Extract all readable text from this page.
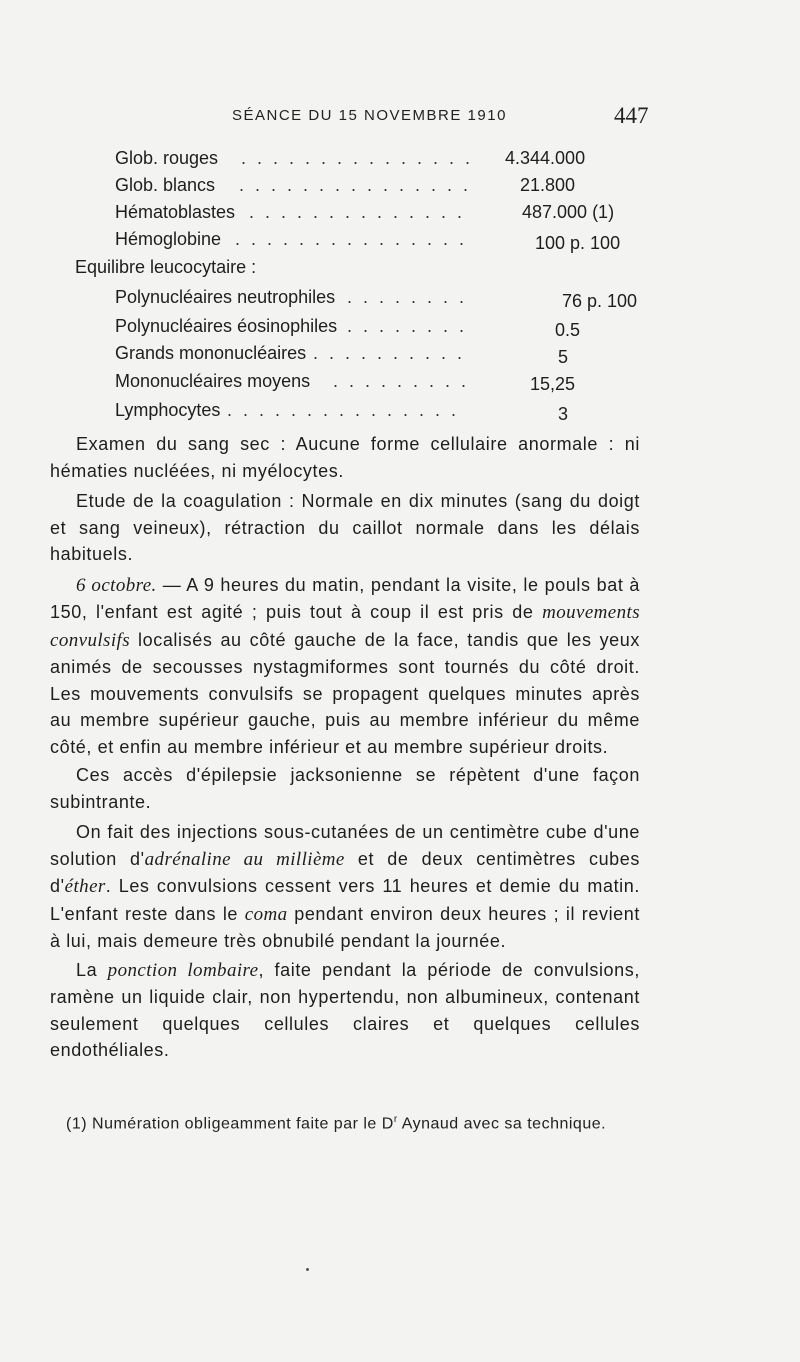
SÉANCE DU 15 NOVEMBRE 1910	447
Glob. rouges . . . . . . . . . . . . . . . 4.344.000
Glob. blancs . . . . . . . . . . . . . . .	21.800
Hématoblastes . . . . . . . . . . . . . .	487.000 (1)
Hémoglobine . . . . . . . . . . . . . . .	100 p. 100
Equilibre leucocytaire :
Polynucléaires neutrophiles . . . . . . . .	76 p. 100
Polynucléaires éosinophiles . . . . . . . .	0.5
Grands mononucléaires . . . . . . . . . .	5
Mononucléaires moyens . . . . . . . . .	15,25
Lymphocytes . . . . . . . . . . . . . . .	3

Examen du sang sec : Aucune forme cellulaire anormale : ni hématies nucléées, ni myélocytes.

Etude de la coagulation : Normale en dix minutes (sang du doigt et sang veineux), rétraction du caillot normale dans les délais habituels.

6 octobre. — A 9 heures du matin, pendant la visite, le pouls bat à 150, l'enfant est agité ; puis tout à coup il est pris de mouvements convulsifs localisés au côté gauche de la face, tandis que les yeux animés de secousses nystagmiformes sont tournés du côté droit. Les mouvements convulsifs se propagent quelques minutes après au membre supérieur gauche, puis au membre inférieur du même côté, et enfin au membre inférieur et au membre supérieur droits.

Ces accès d'épilepsie jacksonienne se répètent d'une façon subintrante.

On fait des injections sous-cutanées de un centimètre cube d'une solution d'adrénaline au millième et de deux centimètres cubes d'éther. Les convulsions cessent vers 11 heures et demie du matin. L'enfant reste dans le coma pendant environ deux heures ; il revient à lui, mais demeure très obnubilé pendant la journée.

La ponction lombaire, faite pendant la période de convulsions, ramène un liquide clair, non hypertendu, non albumineux, contenant seulement quelques cellules claires et quelques cellules endothéliales.

(1) Numération obligeamment faite par le $D^r$ Aynaud avec sa technique.
